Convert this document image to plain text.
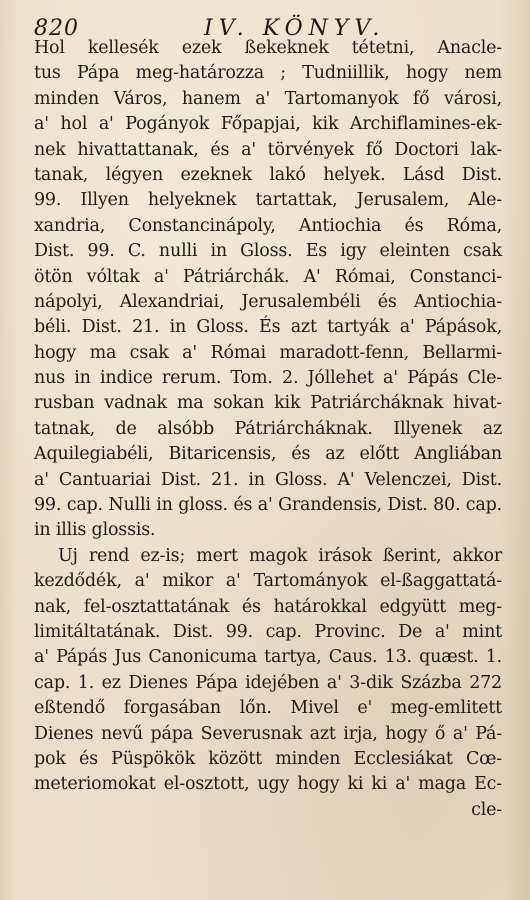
820	IV. KÖNYV.
Hol kellesék ezek ßekeknek tétetni, Anacle-
tus Pápa meg-határozza ; Tudniillik, hogy nem
minden Város, hanem a' Tartomanyok fő városi,
a' hol a' Pogányok Főpapjai, kik Archiflamines-ek-
nek hivattattanak, és a' törvények fő Doctori lak-
tanak, légyen ezeknek lakó helyek. Lásd Dist.
99. Illyen helyeknek tartattak, Jerusalem, Ale-
xandria, Constancinápoly, Antiochia és Róma,
Dist. 99. C. nulli in Gloss. Es igy eleinten csak
ötön vóltak a' Pátriárchák. A' Római, Constanci-
nápolyi, Alexandriai, Jerusalembéli és Antiochia-
béli. Dist. 21. in Gloss. És azt tartyák a' Pápások,
hogy ma csak a' Római maradott-fenn, Bellarmi-
nus in indice rerum. Tom. 2. Jóllehet a' Pápás Cle-
rusban vadnak ma sokan kik Patriárcháknak hivat-
tatnak, de alsóbb Pátriárcháknak. Illyenek az
Aquilegiabéli, Bitaricensis, és az előtt Angliában
a' Cantuariai Dist. 21. in Gloss. A' Velenczei, Dist.
99. cap. Nulli in gloss. és a' Grandensis, Dist. 80. cap.
in illis glossis.
Uj rend ez-is; mert magok irások ßerint, akkor
kezdődék, a' mikor a' Tartományok el-ßaggattatá-
nak, fel-osztattatának és határokkal edgyütt meg-
limitáltatának. Dist. 99. cap. Provinc. De a' mint
a' Pápás Jus Canonicuma tartya, Caus. 13. quæst. 1.
cap. 1. ez Dienes Pápa idejében a' 3-dik Százba 272
eßtendő forgasában lőn. Mivel e' meg-emlitett
Dienes nevű pápa Severusnak azt irja, hogy ő a' Pá-
pok és Püspökök között minden Ecclesiákat Cœ-
meteriomokat el-osztott, ugy hogy ki ki a' maga Ec-
cle-
